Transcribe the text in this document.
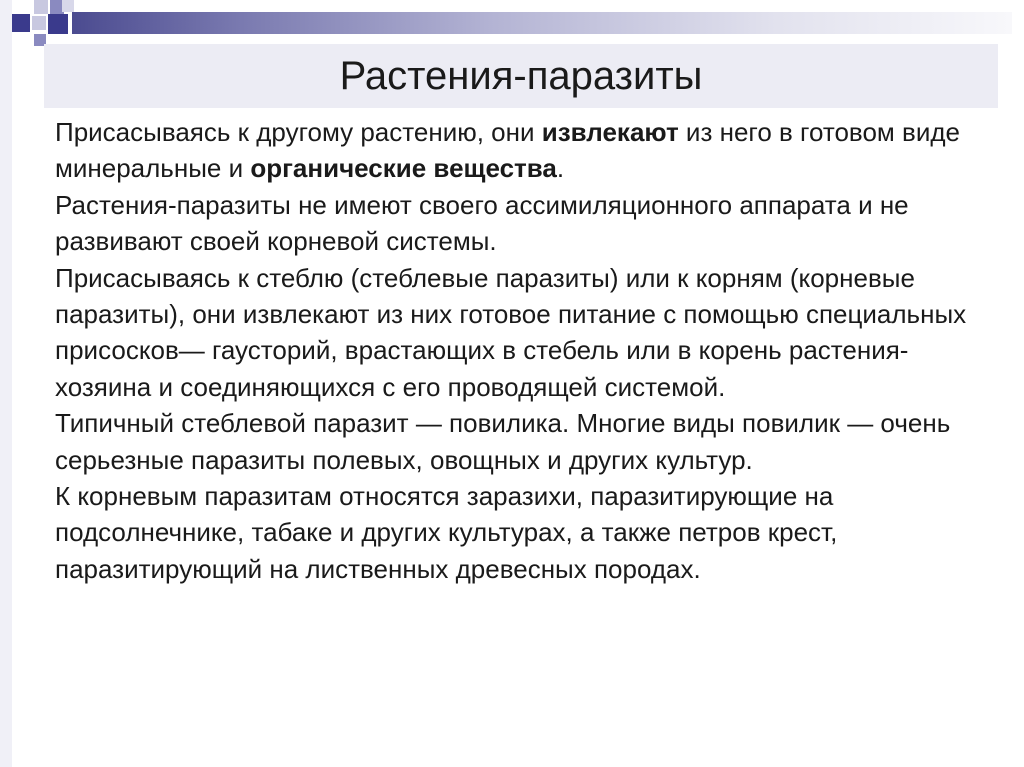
Растения-паразиты

Присасываясь к другому растению, они извлекают из него в готовом виде минеральные и органические вещества.

Растения-паразиты не имеют своего ассимиляционного аппарата и не развивают своей корневой системы.

Присасываясь к стеблю (стеблевые паразиты) или к корням (корневые паразиты), они извлекают из них готовое питание с помощью специальных присосков— гаусторий, врастающих в стебель или в корень растения-хозяина и соединяющихся с его проводящей системой.

Типичный стеблевой паразит — повилика. Многие виды повилик — очень серьезные паразиты полевых, овощных и других культур.

К корневым паразитам относятся заразихи, паразитирующие на подсолнечнике, табаке и других культурах, а также петров крест, паразитирующий на лиственных древесных породах.
